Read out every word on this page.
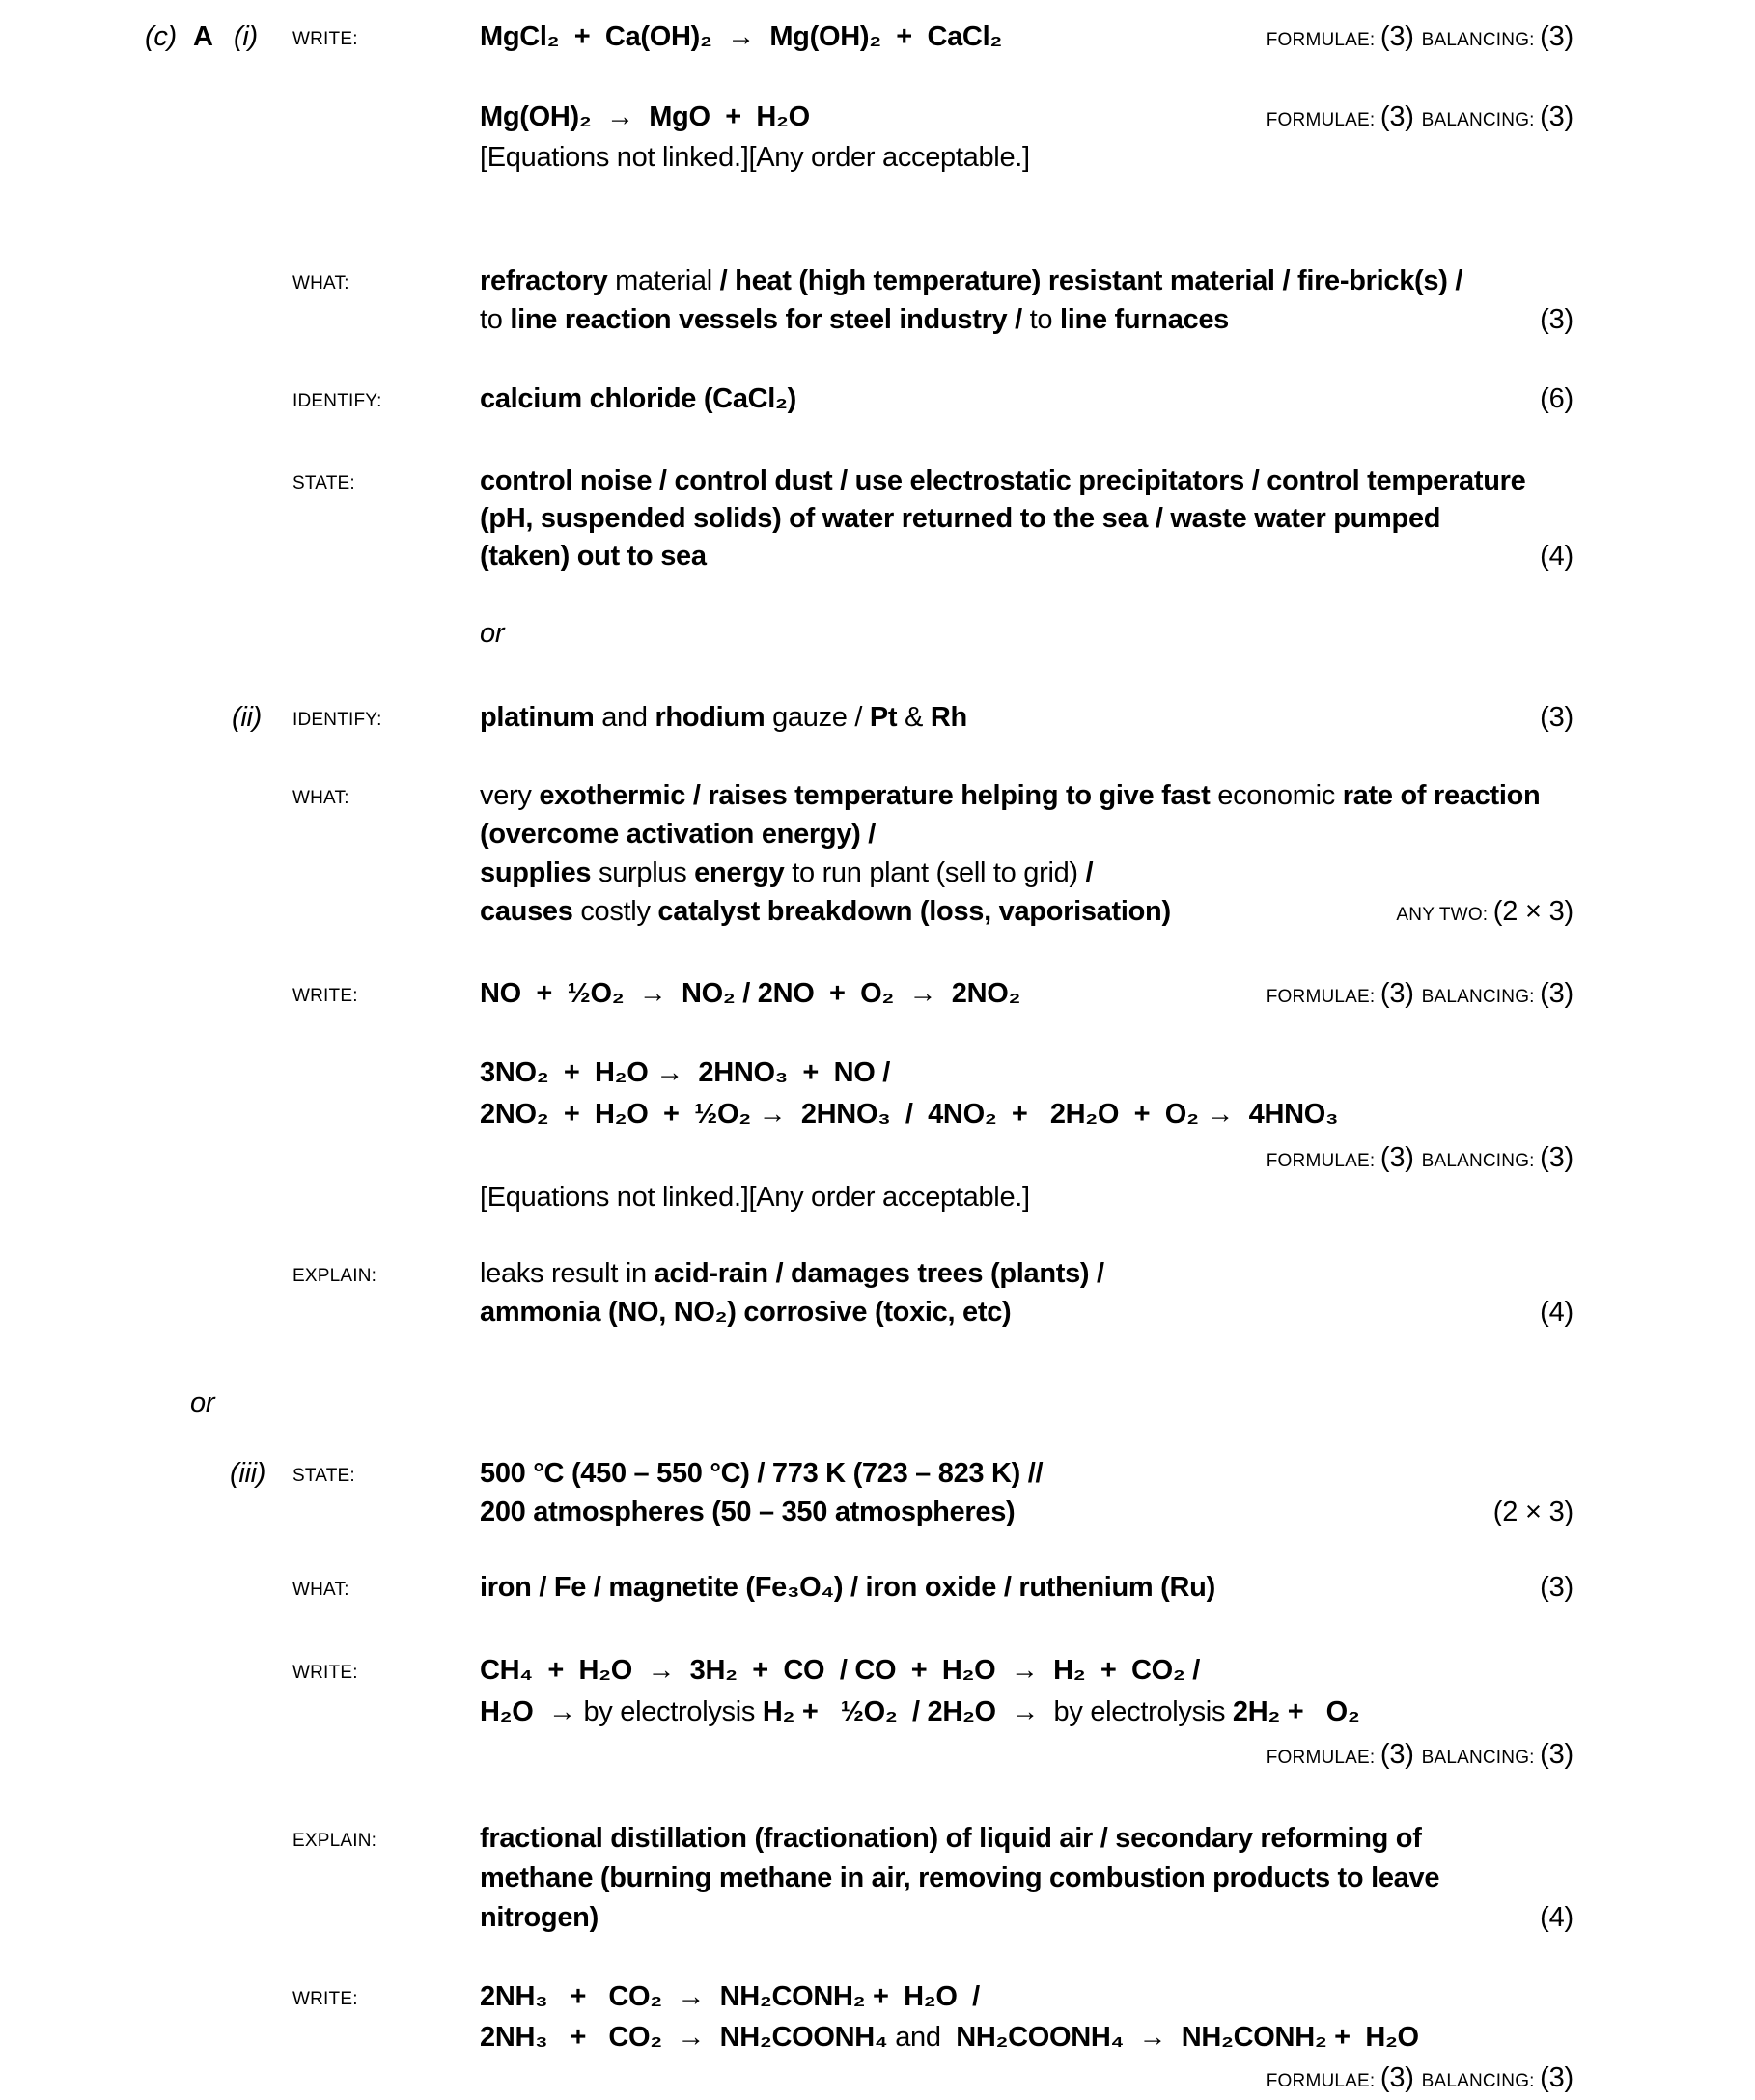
(c) A (i) WRITE:	MgCl₂  +  Ca(OH)₂  →  Mg(OH)₂  +  CaCl₂	FORMULAE: (3) BALANCING: (3)
Mg(OH)₂  →  MgO  +  H₂O	FORMULAE: (3) BALANCING: (3)
[Equations not linked.][Any order acceptable.]
WHAT:	refractory material / heat (high temperature) resistant material / fire-brick(s) /
to line reaction vessels for steel industry / to line furnaces	(3)
IDENTIFY:	calcium chloride (CaCl₂)	(6)
STATE:	control noise / control dust / use electrostatic precipitators / control temperature
(pH, suspended solids) of water returned to the sea / waste water pumped
(taken) out to sea	(4)
or
(ii) IDENTIFY:	platinum and rhodium gauze / Pt & Rh	(3)
WHAT:	very exothermic / raises temperature helping to give fast economic rate of reaction
(overcome activation energy) /
supplies surplus energy to run plant (sell to grid) /
causes costly catalyst breakdown (loss, vaporisation)	ANY TWO: (2 × 3)
WRITE:	NO  +  ½O₂  →  NO₂ / 2NO  +  O₂  →  2NO₂	FORMULAE: (3) BALANCING: (3)
3NO₂  +  H₂O →  2HNO₃  +  NO /
2NO₂  +  H₂O  +  ½O₂ →  2HNO₃  /  4NO₂  +   2H₂O  +  O₂ →  4HNO₃
FORMULAE: (3) BALANCING: (3)
[Equations not linked.][Any order acceptable.]
EXPLAIN:	leaks result in acid-rain / damages trees (plants) /
ammonia (NO, NO₂) corrosive (toxic, etc)	(4)
or
(iii) STATE:	500 °C (450 – 550 °C) / 773 K (723 – 823 K) //
200 atmospheres (50 – 350 atmospheres)	(2 × 3)
WHAT:	iron / Fe / magnetite (Fe₃O₄) / iron oxide / ruthenium (Ru)	(3)
WRITE:	CH₄  +  H₂O  →  3H₂  +  CO  / CO  +  H₂O  →  H₂  +  CO₂ /
H₂O  → by electrolysis H₂ +   ½O₂  / 2H₂O  →  by electrolysis 2H₂ +   O₂
FORMULAE: (3) BALANCING: (3)
EXPLAIN:	fractional distillation (fractionation) of liquid air / secondary reforming of
methane (burning methane in air, removing combustion products to leave
nitrogen)	(4)
WRITE:	2NH₃   +   CO₂  →  NH₂CONH₂ +  H₂O  /
2NH₃   +   CO₂  →  NH₂COONH₄ and  NH₂COONH₄  →  NH₂CONH₂ +  H₂O
FORMULAE: (3) BALANCING: (3)
